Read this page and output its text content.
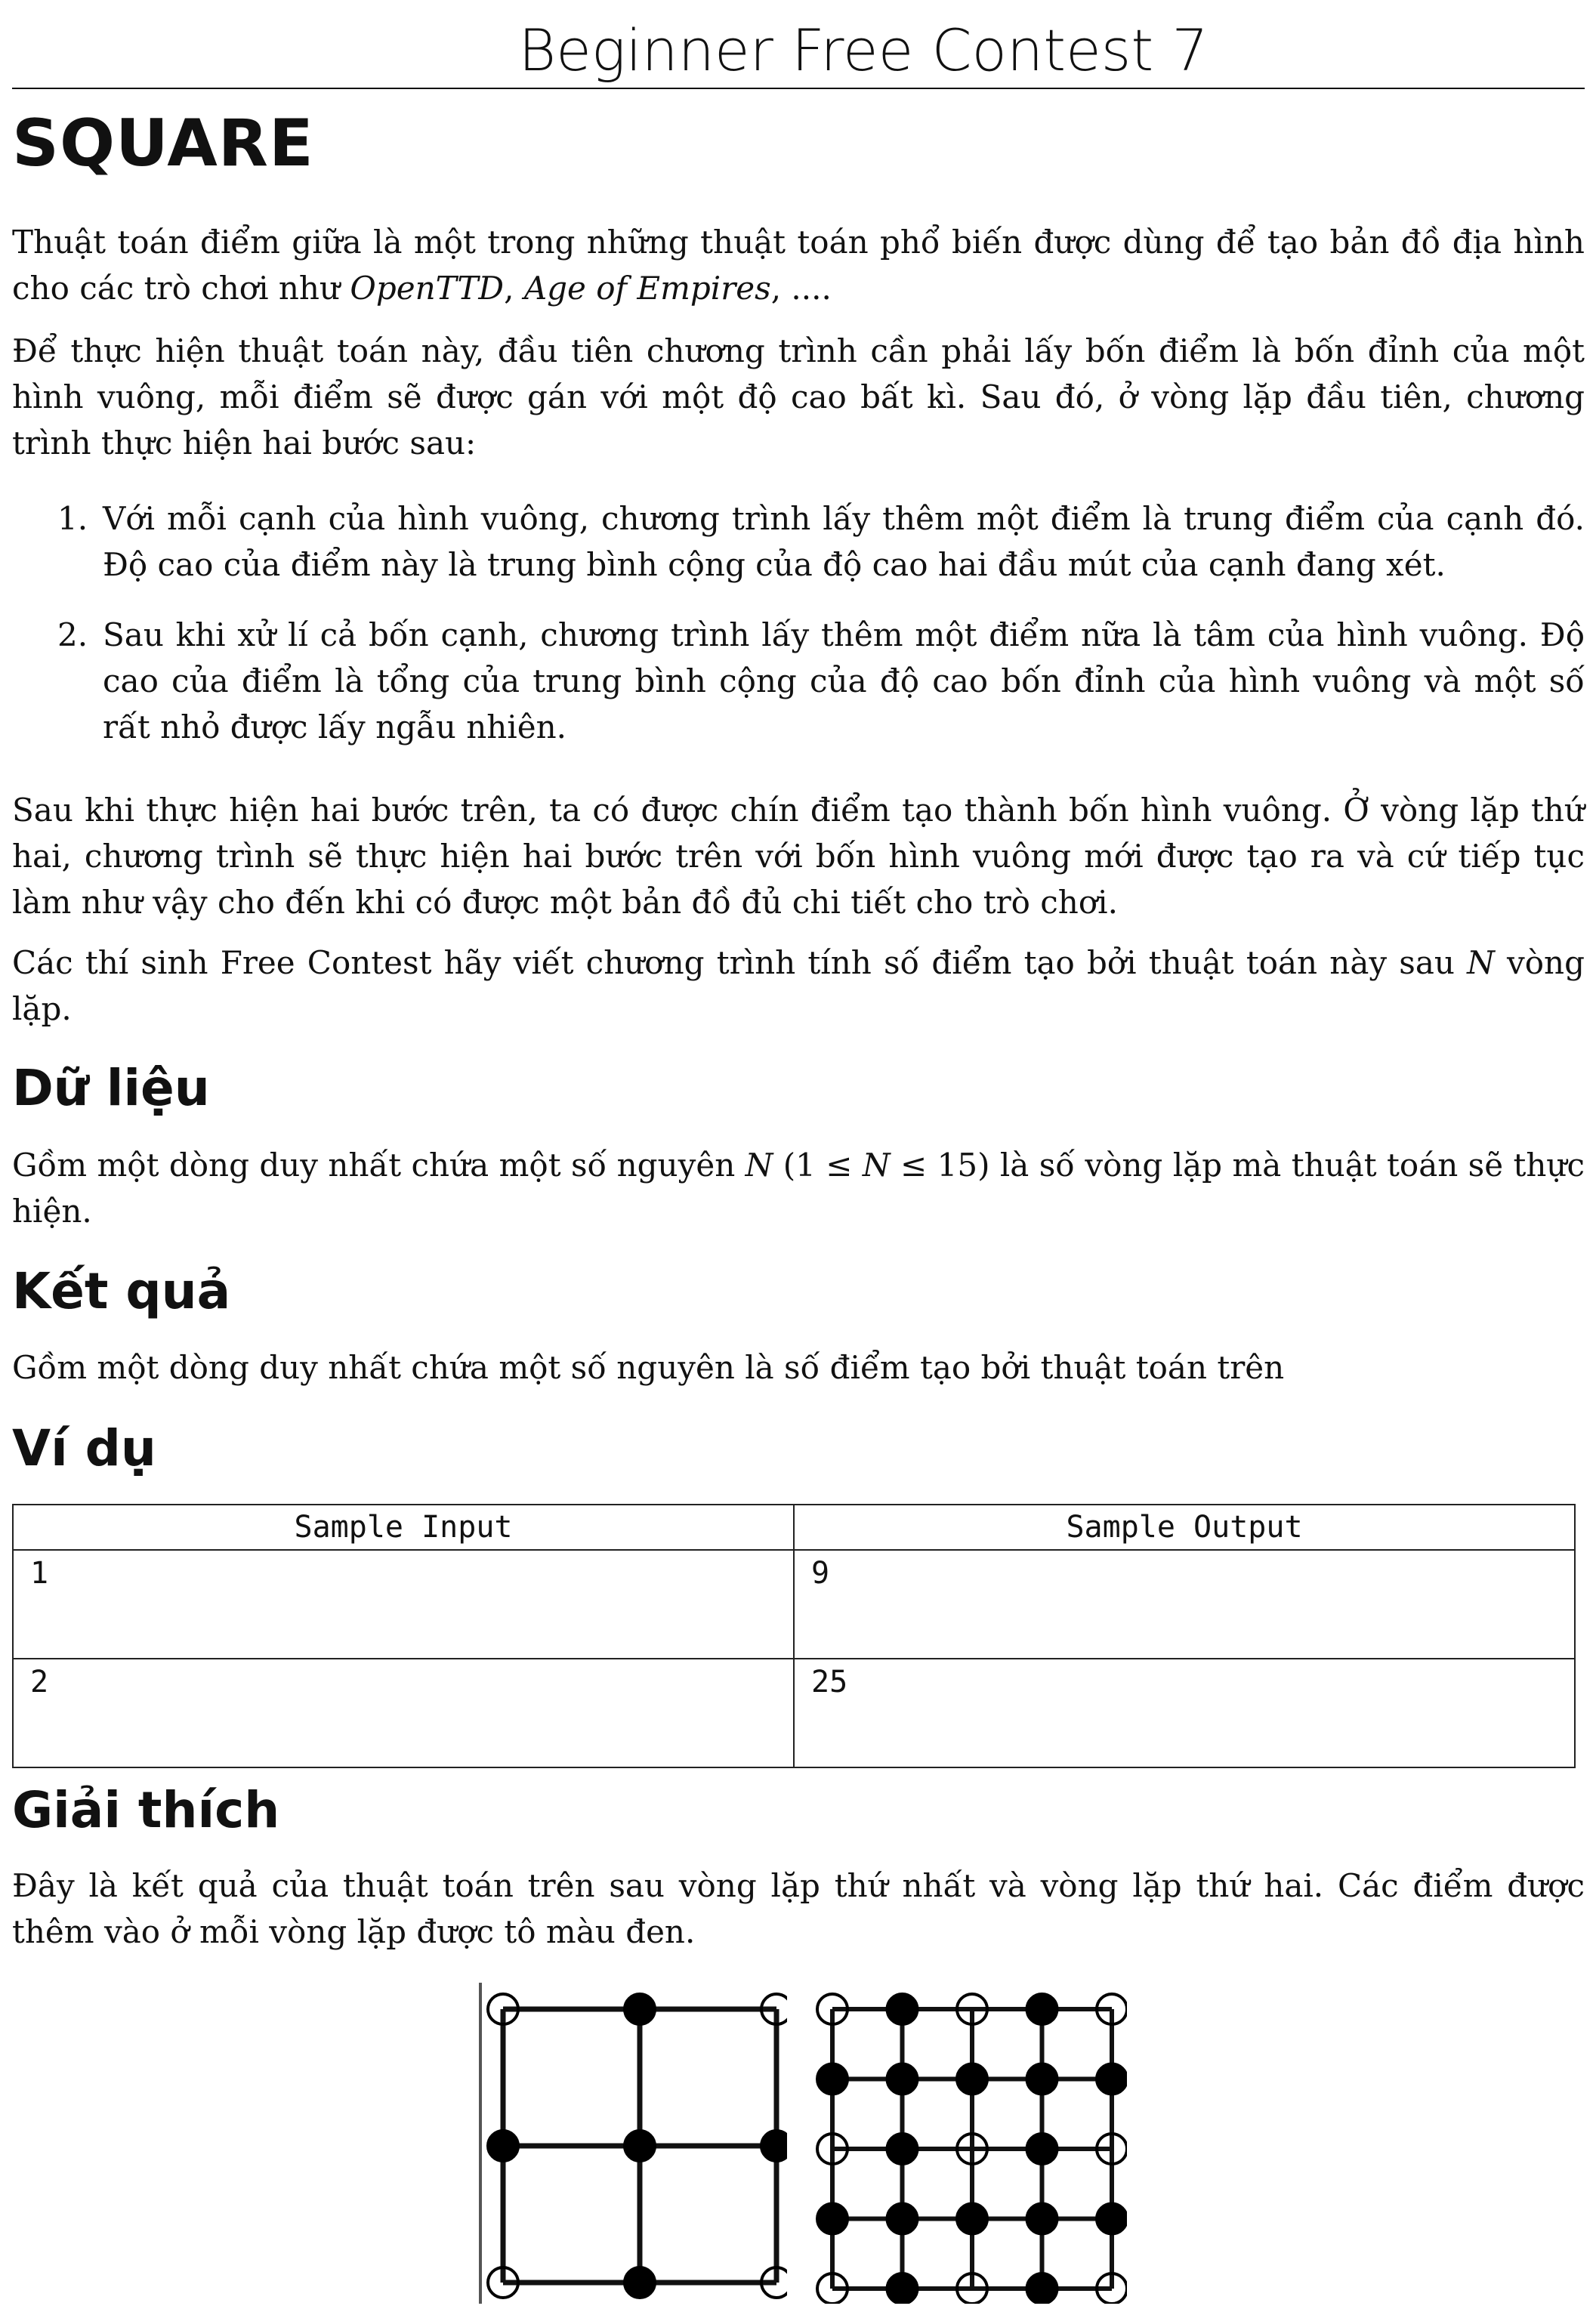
Beginner Free Contest 7
SQUARE

Thuật toán điểm giữa là một trong những thuật toán phổ biến được dùng để tạo bản đồ địa hình cho các trò chơi như OpenTTD, Age of Empires, ....

Để thực hiện thuật toán này, đầu tiên chương trình cần phải lấy bốn điểm là bốn đỉnh của một hình vuông, mỗi điểm sẽ được gán với một độ cao bất kì. Sau đó, ở vòng lặp đầu tiên, chương trình thực hiện hai bước sau:

1. Với mỗi cạnh của hình vuông, chương trình lấy thêm một điểm là trung điểm của cạnh đó. Độ cao của điểm này là trung bình cộng của độ cao hai đầu mút của cạnh đang xét.
2. Sau khi xử lí cả bốn cạnh, chương trình lấy thêm một điểm nữa là tâm của hình vuông. Độ cao của điểm là tổng của trung bình cộng của độ cao bốn đỉnh của hình vuông và một số rất nhỏ được lấy ngẫu nhiên.

Sau khi thực hiện hai bước trên, ta có được chín điểm tạo thành bốn hình vuông. Ở vòng lặp thứ hai, chương trình sẽ thực hiện hai bước trên với bốn hình vuông mới được tạo ra và cứ tiếp tục làm như vậy cho đến khi có được một bản đồ đủ chi tiết cho trò chơi.

Các thí sinh Free Contest hãy viết chương trình tính số điểm tạo bởi thuật toán này sau N vòng lặp.

Dữ liệu

Gồm một dòng duy nhất chứa một số nguyên N (1 ≤ N ≤ 15) là số vòng lặp mà thuật toán sẽ thực hiện.

Kết quả

Gồm một dòng duy nhất chứa một số nguyên là số điểm tạo bởi thuật toán trên

Ví dụ
Sample Input	Sample Output
1	9
2	25
Giải thích

Đây là kết quả của thuật toán trên sau vòng lặp thứ nhất và vòng lặp thứ hai. Các điểm được thêm vào ở mỗi vòng lặp được tô màu đen.
